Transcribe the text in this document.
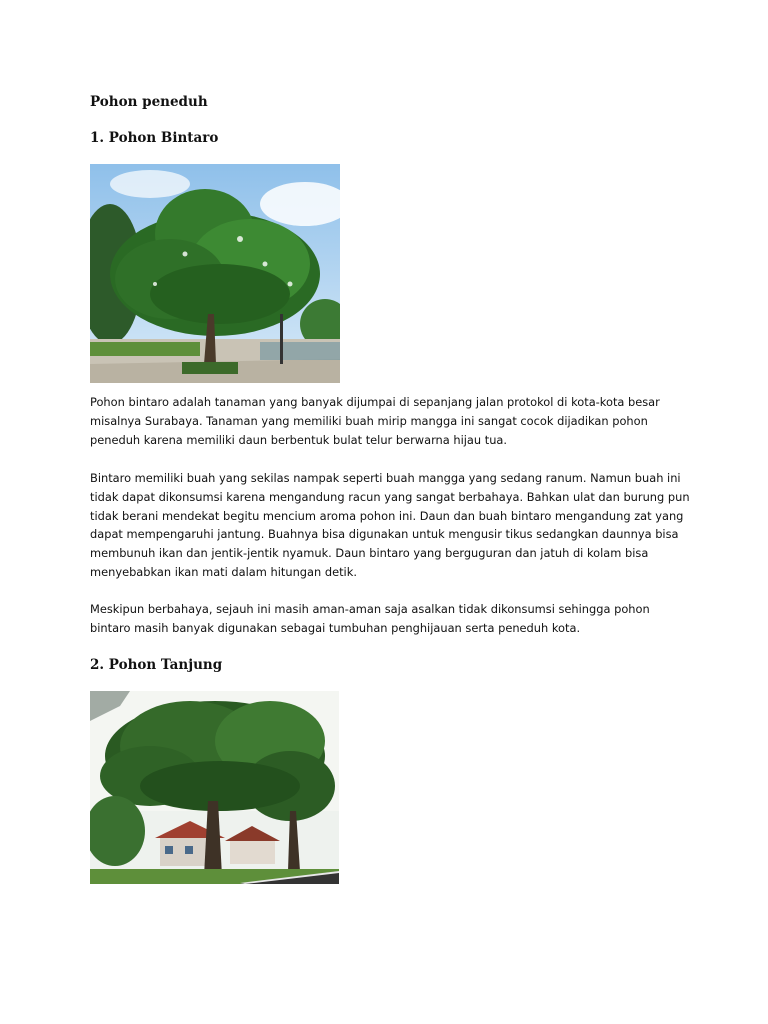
Pohon peneduh
1. Pohon Bintaro
Pohon bintaro adalah tanaman yang banyak dijumpai di sepanjang jalan protokol di kota-kota besar
misalnya Surabaya. Tanaman yang memiliki buah mirip mangga ini sangat cocok dijadikan pohon
peneduh karena memiliki daun berbentuk bulat telur berwarna hijau tua.
Bintaro memiliki buah yang sekilas nampak seperti buah mangga yang sedang ranum. Namun buah ini
tidak dapat dikonsumsi karena mengandung racun yang sangat berbahaya. Bahkan ulat dan burung pun
tidak berani mendekat begitu mencium aroma pohon ini. Daun dan buah bintaro mengandung zat yang
dapat mempengaruhi jantung. Buahnya bisa digunakan untuk mengusir tikus sedangkan daunnya bisa
membunuh ikan dan jentik-jentik nyamuk. Daun bintaro yang berguguran dan jatuh di kolam bisa
menyebabkan ikan mati dalam hitungan detik.
Meskipun berbahaya, sejauh ini masih aman-aman saja asalkan tidak dikonsumsi sehingga pohon
bintaro masih banyak digunakan sebagai tumbuhan penghijauan serta peneduh kota.
2. Pohon Tanjung
